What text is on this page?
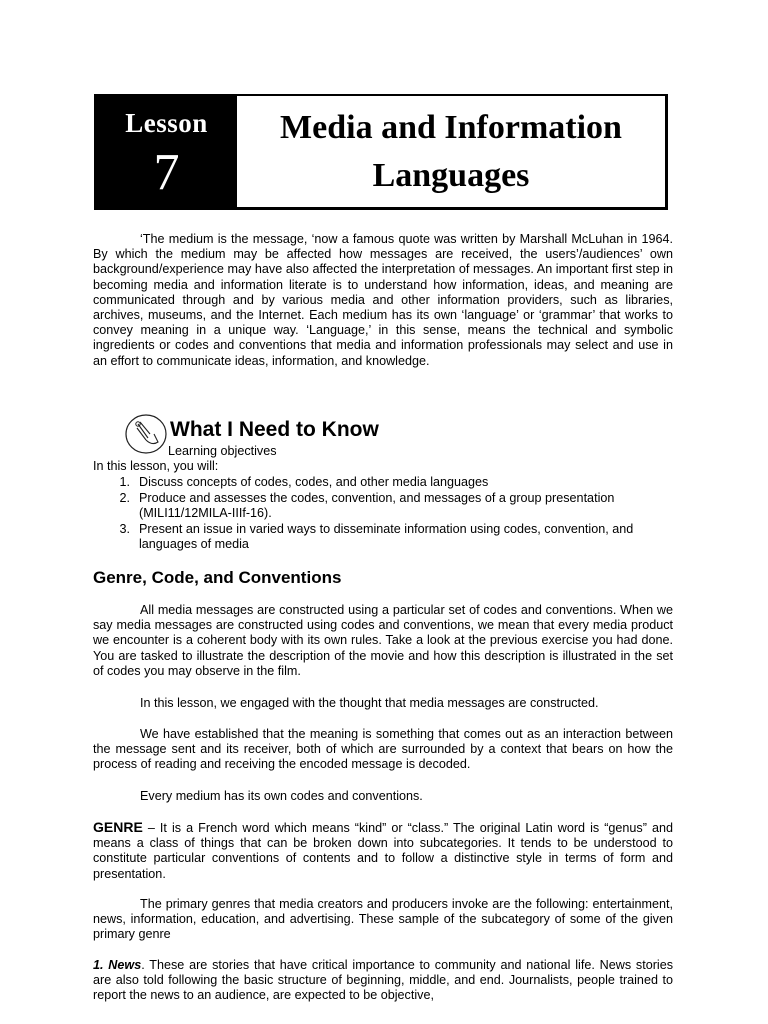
Lesson
7
Media and Information
Languages

‘The medium is the message, ‘now a famous quote was written by Marshall McLuhan in 1964. By which the medium may be affected how messages are received, the users’/audiences’ own background/experience may have also affected the interpretation of messages. An important first step in becoming media and information literate is to understand how information, ideas, and meaning are communicated through and by various media and other information providers, such as libraries, archives, museums, and the Internet. Each medium has its own ‘language’ or ‘grammar’ that works to convey meaning in a unique way. ‘Language,’ in this sense, means the technical and symbolic ingredients or codes and conventions that media and information professionals may select and use in an effort to communicate ideas, information, and knowledge.

What I Need to Know

Learning objectives

In this lesson, you will:

1. Discuss concepts of codes, codes, and other media languages
2. Produce and assesses the codes, convention, and messages of a group presentation (MILI11/12MILA-IIIf-16).
3. Present an issue in varied ways to disseminate information using codes, convention, and languages of media
Genre, Code, and Conventions

All media messages are constructed using a particular set of codes and conventions. When we say media messages are constructed using codes and conventions, we mean that every media product we encounter is a coherent body with its own rules. Take a look at the previous exercise you had done. You are tasked to illustrate the description of the movie and how this description is illustrated in the set of codes you may observe in the film.

In this lesson, we engaged with the thought that media messages are constructed.

We have established that the meaning is something that comes out as an interaction between the message sent and its receiver, both of which are surrounded by a context that bears on how the process of reading and receiving the encoded message is decoded.

Every medium has its own codes and conventions.

GENRE – It is a French word which means “kind” or “class.” The original Latin word is “genus” and means a class of things that can be broken down into subcategories. It tends to be understood to constitute particular conventions of contents and to follow a distinctive style in terms of form and presentation.

The primary genres that media creators and producers invoke are the following: entertainment, news, information, education, and advertising. These sample of the subcategory of some of the given primary genre

1. News. These are stories that have critical importance to community and national life. News stories are also told following the basic structure of beginning, middle, and end. Journalists, people trained to report the news to an audience, are expected to be objective,
